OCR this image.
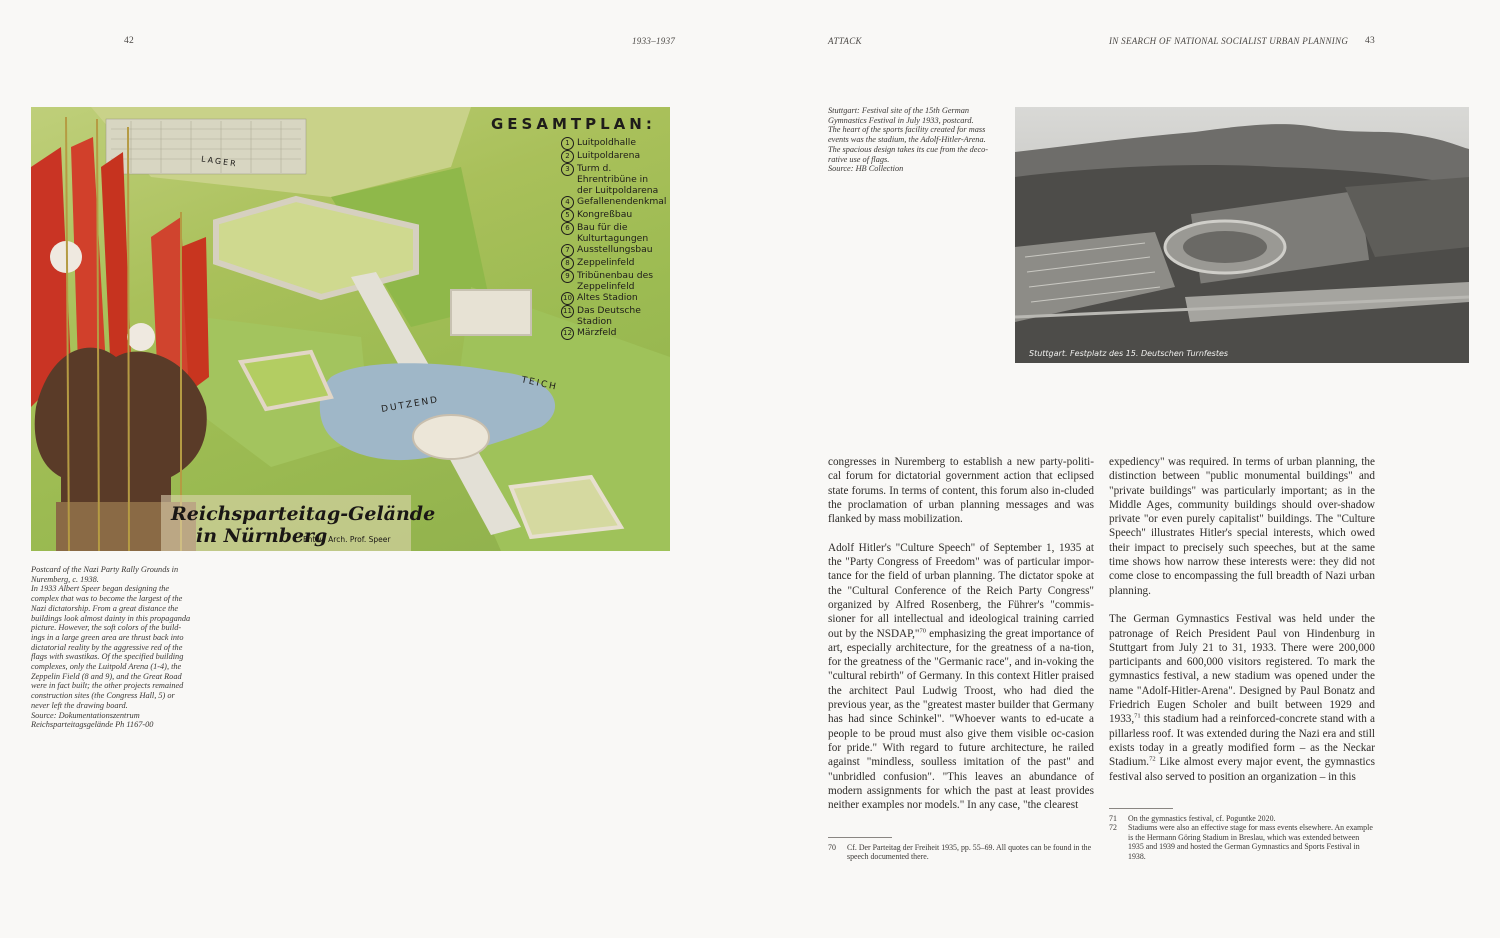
42	1933–1937	ATTACK	IN SEARCH OF NATIONAL SOCIALIST URBAN PLANNING 43
LAGER
DUTZEND
TEICH
GESAMTPLAN:
1 Luitpoldhalle
2 Luitpoldarena
3 Turm d. Ehrentribüne in der Luitpoldarena
4 Gefallenendenkmal
5 Kongreßbau
6 Bau für die Kulturtagungen
7 Ausstellungsbau
8 Zeppelinfeld
9 Tribünenbau des Zeppelinfeld
10 Altes Stadion
11 Das Deutsche Stadion
12 Märzfeld
Reichsparteitag-Gelände
in Nürnberg
Entw.: Arch. Prof. Speer
Postcard of the Nazi Party Rally Grounds in
Nuremberg, c. 1938.
In 1933 Albert Speer began designing the
complex that was to become the largest of the
Nazi dictatorship. From a great distance the
buildings look almost dainty in this propaganda
picture. However, the soft colors of the build-
ings in a large green area are thrust back into
dictatorial reality by the aggressive red of the
flags with swastikas. Of the specified building
complexes, only the Luitpold Arena (1-4), the
Zeppelin Field (8 and 9), and the Great Road
were in fact built; the other projects remained
construction sites (the Congress Hall, 5) or
never left the drawing board.
Source: Dokumentationszentrum
Reichsparteitagsgelände Ph 1167-00
Stuttgart: Festival site of the 15th German
Gymnastics Festival in July 1933, postcard.
The heart of the sports facility created for mass
events was the stadium, the Adolf-Hitler-Arena.
The spacious design takes its cue from the deco-
rative use of flags.
Source: HB Collection
Stuttgart. Festplatz des 15. Deutschen Turnfestes

congresses in Nuremberg to establish a new party-politi-cal forum for dictatorial government action that eclipsed state forums. In terms of content, this forum also in-cluded the proclamation of urban planning messages and was flanked by mass mobilization.

Adolf Hitler's "Culture Speech" of September 1, 1935 at the "Party Congress of Freedom" was of particular impor-tance for the field of urban planning. The dictator spoke at the "Cultural Conference of the Reich Party Congress" organized by Alfred Rosenberg, the Führer's "commis-sioner for all intellectual and ideological training carried out by the NSDAP,"$^{70}$ emphasizing the great importance of art, especially architecture, for the greatness of a na-tion, for the greatness of the "Germanic race", and in-voking the "cultural rebirth" of Germany. In this context Hitler praised the architect Paul Ludwig Troost, who had died the previous year, as the "greatest master builder that Germany has had since Schinkel". "Whoever wants to ed-ucate a people to be proud must also give them visible oc-casion for pride." With regard to future architecture, he railed against "mindless, soulless imitation of the past" and "unbridled confusion". "This leaves an abundance of modern assignments for which the past at least provides neither examples nor models." In any case, "the clearest

expediency" was required. In terms of urban planning, the distinction between "public monumental buildings" and "private buildings" was particularly important; as in the Middle Ages, community buildings should over-shadow private "or even purely capitalist" buildings. The "Culture Speech" illustrates Hitler's special interests, which owed their impact to precisely such speeches, but at the same time shows how narrow these interests were: they did not come close to encompassing the full breadth of Nazi urban planning.

The German Gymnastics Festival was held under the patronage of Reich President Paul von Hindenburg in Stuttgart from July 21 to 31, 1933. There were 200,000 participants and 600,000 visitors registered. To mark the gymnastics festival, a new stadium was opened under the name "Adolf-Hitler-Arena". Designed by Paul Bonatz and Friedrich Eugen Scholer and built between 1929 and 1933,71 this stadium had a reinforced-concrete stand with a pillarless roof. It was extended during the Nazi era and still exists today in a greatly modified form – as the Neckar Stadium.$^{72}$ Like almost every major event, the gymnastics festival also served to position an organization – in this

70	Cf. Der Parteitag der Freiheit 1935, pp. 55–69. All quotes can be found in the speech documented there.
71	On the gymnastics festival, cf. Poguntke 2020.
72	Stadiums were also an effective stage for mass events elsewhere. An example is the Hermann Göring Stadium in Breslau, which was extended between 1935 and 1939 and hosted the German Gymnastics and Sports Festival in 1938.
